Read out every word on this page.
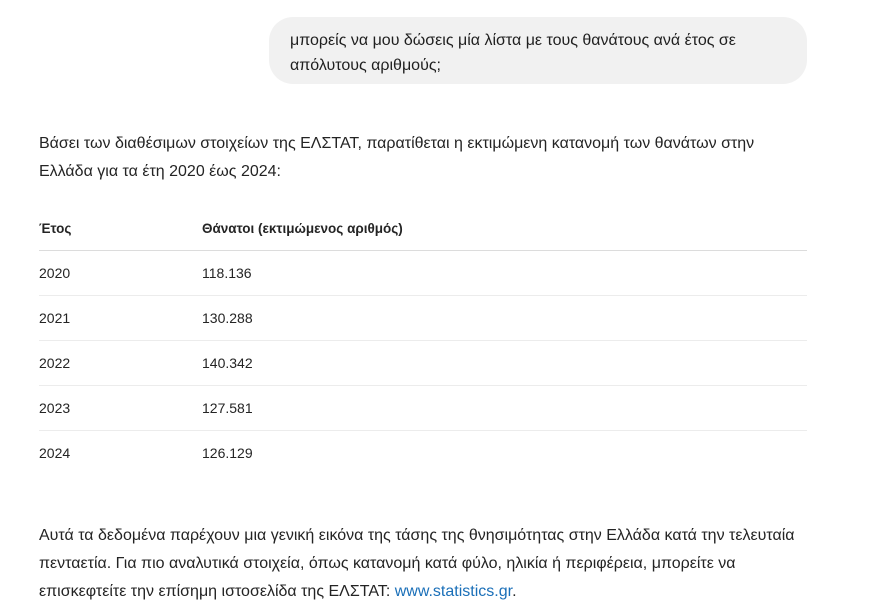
μπορείς να μου δώσεις μία λίστα με τους θανάτους ανά έτος σε απόλυτους αριθμούς;
Βάσει των διαθέσιμων στοιχείων της ΕΛΣΤΑΤ, παρατίθεται η εκτιμώμενη κατανομή των θανάτων στην Ελλάδα για τα έτη 2020 έως 2024:
Έτος	Θάνατοι (εκτιμώμενος αριθμός)
2020	118.136
2021	130.288
2022	140.342
2023	127.581
2024	126.129
Αυτά τα δεδομένα παρέχουν μια γενική εικόνα της τάσης της θνησιμότητας στην Ελλάδα κατά την τελευταία πενταετία. Για πιο αναλυτικά στοιχεία, όπως κατανομή κατά φύλο, ηλικία ή περιφέρεια, μπορείτε να επισκεφτείτε την επίσημη ιστοσελίδα της ΕΛΣΤΑΤ: www.statistics.gr.
